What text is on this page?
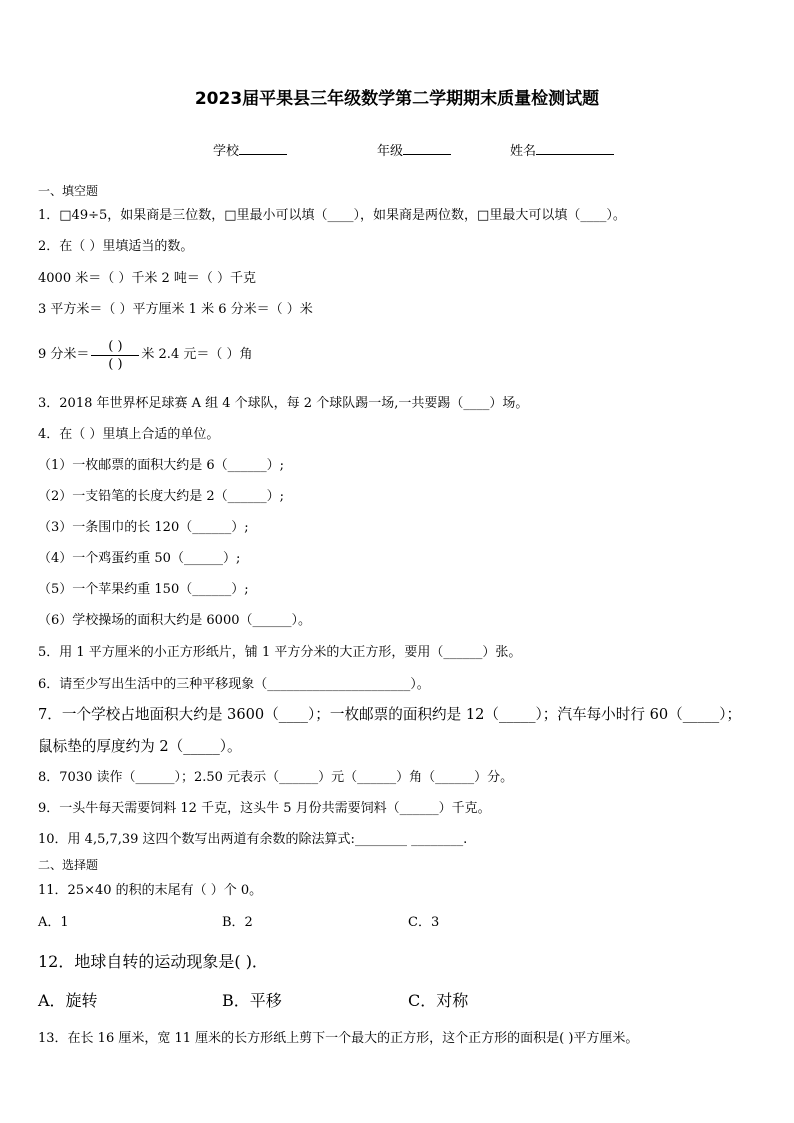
2023届平果县三年级数学第二学期期末质量检测试题
学校	年级	姓名
一、填空题
1．□49÷5，如果商是三位数，□里最小可以填（____），如果商是两位数，□里最大可以填（____）。
2．在（ ）里填适当的数。
4000 米＝（ ）千米 2 吨＝（ ）千克
3 平方米＝（ ）平方厘米 1 米 6 分米＝（ ）米
9 分米＝ $\frac{( )}{( )}$ 米 2.4 元＝（ ）角
3．2018 年世界杯足球赛 A 组 4 个球队，每 2 个球队踢一场,一共要踢（____）场。
4．在（ ）里填上合适的单位。
（1）一枚邮票的面积大约是 6（______）;
（2）一支铅笔的长度大约是 2（______）;
（3）一条围巾的长 120（______）;
（4）一个鸡蛋约重 50（______）;
（5）一个苹果约重 150（______）;
（6）学校操场的面积大约是 6000（______）。
5．用 1 平方厘米的小正方形纸片，铺 1 平方分米的大正方形，要用（______）张。
6．请至少写出生活中的三种平移现象（______________________）。
7．一个学校占地面积大约是 3600（____）；一枚邮票的面积约是 12（_____）；汽车每小时行 60（_____）；
鼠标垫的厚度约为 2（_____）。
8．7030 读作（______）；2.50 元表示（______）元（______）角（______）分。
9．一头牛每天需要饲料 12 千克，这头牛 5 月份共需要饲料（______）千克。
10．用 4,5,7,39 这四个数写出两道有余数的除法算式:________ ________.
二、选择题
11．25×40 的积的末尾有（ ）个 0。
A．1	B．2	C．3
12．地球自转的运动现象是( )．
A．旋转	B．平移	C．对称
13．在长 16 厘米，宽 11 厘米的长方形纸上剪下一个最大的正方形，这个正方形的面积是( )平方厘米。
